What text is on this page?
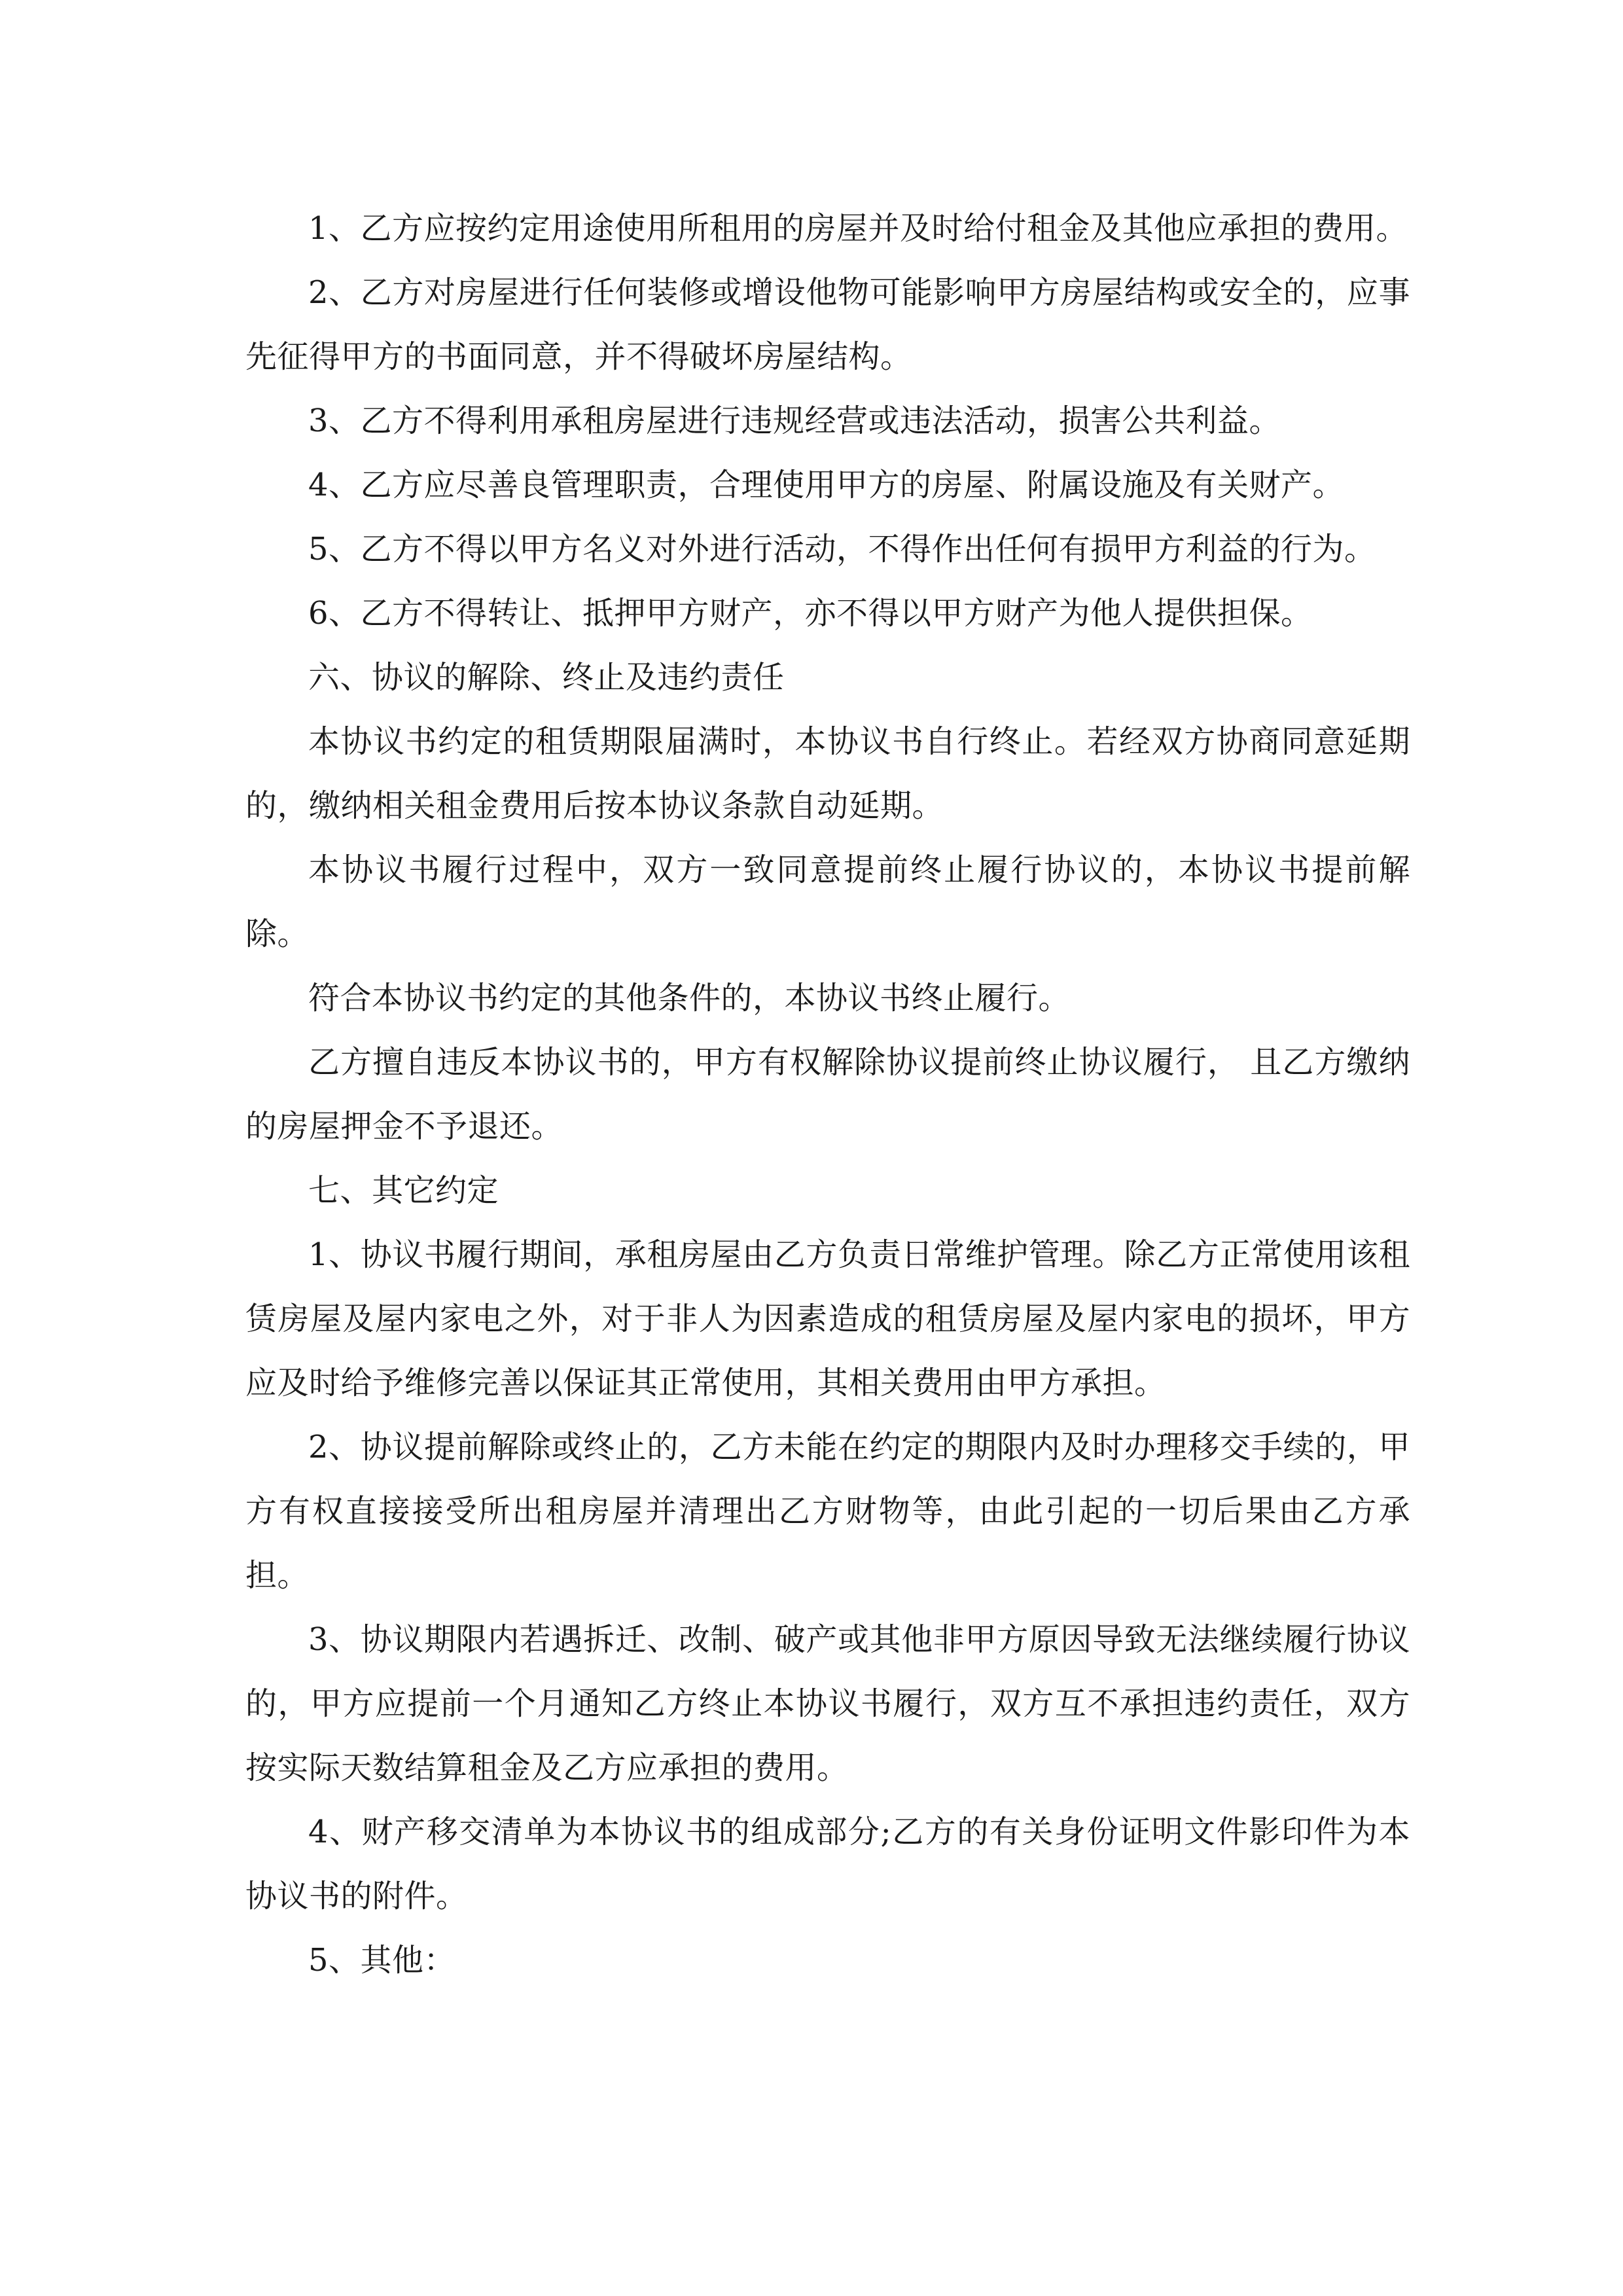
1、乙方应按约定用途使用所租用的房屋并及时给付租金及其他应承担的费用。

2、乙方对房屋进行任何装修或增设他物可能影响甲方房屋结构或安全的，应事先征得甲方的书面同意，并不得破坏房屋结构。

3、乙方不得利用承租房屋进行违规经营或违法活动，损害公共利益。

4、乙方应尽善良管理职责，合理使用甲方的房屋、附属设施及有关财产。

5、乙方不得以甲方名义对外进行活动，不得作出任何有损甲方利益的行为。

6、乙方不得转让、抵押甲方财产，亦不得以甲方财产为他人提供担保。

六、协议的解除、终止及违约责任

本协议书约定的租赁期限届满时，本协议书自行终止。若经双方协商同意延期的，缴纳相关租金费用后按本协议条款自动延期。

本协议书履行过程中，双方一致同意提前终止履行协议的，本协议书提前解除。

符合本协议书约定的其他条件的，本协议书终止履行。

乙方擅自违反本协议书的，甲方有权解除协议提前终止协议履行， 且乙方缴纳的房屋押金不予退还。

七、其它约定

1、协议书履行期间，承租房屋由乙方负责日常维护管理。除乙方正常使用该租赁房屋及屋内家电之外，对于非人为因素造成的租赁房屋及屋内家电的损坏，甲方应及时给予维修完善以保证其正常使用，其相关费用由甲方承担。

2、协议提前解除或终止的，乙方未能在约定的期限内及时办理移交手续的，甲方有权直接接受所出租房屋并清理出乙方财物等，由此引起的一切后果由乙方承担。

3、协议期限内若遇拆迁、改制、破产或其他非甲方原因导致无法继续履行协议的，甲方应提前一个月通知乙方终止本协议书履行，双方互不承担违约责任，双方按实际天数结算租金及乙方应承担的费用。

4、财产移交清单为本协议书的组成部分;乙方的有关身份证明文件影印件为本协议书的附件。

5、其他：
